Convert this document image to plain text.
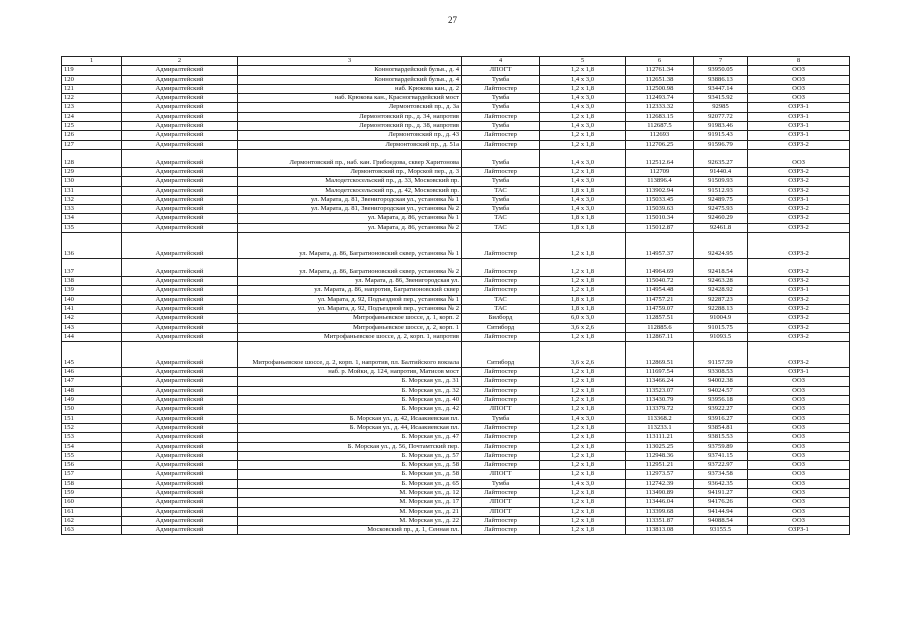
27
1	2	3	4	5	6	7	8
119	Адмиралтейский	Конногвардейский бульв., д. 4	ЛПОГТ	1,2 х 1,8	112761.34	93950.05	ООЗ
120	Адмиралтейский	Конногвардейский бульв., д. 4	Тумба	1,4 х 3,0	112651.38	93886.13	ООЗ
121	Адмиралтейский	наб. Крюкова кан., д. 2	Лайтпостер	1,2 х 1,8	112500.98	93447.14	ООЗ
122	Адмиралтейский	наб. Крюкова кан., Красногвардейский мост	Тумба	1,4 х 3,0	112493.74	93415.92	ООЗ
123	Адмиралтейский	Лермонтовский пр., д. 3а	Тумба	1,4 х 3,0	112333.32	92985	ОЗРЗ-1
124	Адмиралтейский	Лермонтовский пр., д. 34, напротив	Лайтпостер	1,2 х 1,8	112683.15	92077.72	ОЗРЗ-1
125	Адмиралтейский	Лермонтовский пр., д. 38, напротив	Тумба	1,4 х 3,0	112687.5	91983.46	ОЗРЗ-1
126	Адмиралтейский	Лермонтовский пр., д. 43	Лайтпостер	1,2 х 1,8	112693	91915.43	ОЗРЗ-1
127	Адмиралтейский	Лермонтовский пр., д. 51а	Лайтпостер	1,2 х 1,8	112706.25	91596.79	ОЗРЗ-2
128	Адмиралтейский	Лермонтовский пр., наб. кан. Грибоедова, сквер Харитонова	Тумба	1,4 х 3,0	112512.64	92635.27	ООЗ
129	Адмиралтейский	Лермонтовский пр., Морской пер., д. 3	Лайтпостер	1,2 х 1,8	112709	91440.4	ОЗРЗ-2
130	Адмиралтейский	Малодетскосельский пр., д. 33, Московский пр.	Тумба	1,4 х 3,0	113896.4	91509.93	ОЗРЗ-2
131	Адмиралтейский	Малодетскосельский пр., д. 42, Московский пр.	ТАС	1,8 х 1,8	113902.94	91512.93	ОЗРЗ-2
132	Адмиралтейский	ул. Марата, д. 81, Звенигородская ул., установка № 1	Тумба	1,4 х 3,0	115033.45	92489.75	ОЗРЗ-1
133	Адмиралтейский	ул. Марата, д. 81, Звенигородская ул., установка № 2	Тумба	1,4 х 3,0	115039.63	92475.93	ОЗРЗ-2
134	Адмиралтейский	ул. Марата, д. 86, установка № 1	ТАС	1,8 х 1,8	115010.34	92460.29	ОЗРЗ-2
135	Адмиралтейский	ул. Марата, д. 86, установка № 2	ТАС	1,8 х 1,8	115012.87	92461.8	ОЗРЗ-2
136	Адмиралтейский	ул. Марата, д. 86, Багратионовский сквер, установка № 1	Лайтпостер	1,2 х 1,8	114957.37	92424.95	ОЗРЗ-2
137	Адмиралтейский	ул. Марата, д. 86, Багратионовский сквер, установка № 2	Лайтпостер	1,2 х 1,8	114964.69	92418.54	ОЗРЗ-2
138	Адмиралтейский	ул. Марата, д. 86, Звенигородская ул.	Лайтпостер	1,2 х 1,8	115040.72	92463.28	ОЗРЗ-2
139	Адмиралтейский	ул. Марата, д. 86, напротив, Багратионовский сквер	Лайтпостер	1,2 х 1,8	114954.48	92428.92	ОЗРЗ-1
140	Адмиралтейский	ул. Марата, д. 92, Подъездной пер., установка № 1	ТАС	1,8 х 1,8	114757.21	92287.23	ОЗРЗ-2
141	Адмиралтейский	ул. Марата, д. 92, Подъездной пер., установка № 2	ТАС	1,8 х 1,8	114759.07	92288.13	ОЗРЗ-2
142	Адмиралтейский	Митрофаньевское шоссе, д. 1, корп. 2	Билборд	6,0 х 3,0	112857.51	91004.9	ОЗРЗ-2
143	Адмиралтейский	Митрофаньевское шоссе, д. 2, корп. 1	Ситиборд	3,6 х 2,6	112885.6	91015.75	ОЗРЗ-2
144	Адмиралтейский	Митрофаньевское шоссе, д. 2, корп. 1, напротив	Лайтпостер	1,2 х 1,8	112867.11	91093.5	ОЗРЗ-2
145	Адмиралтейский	Митрофаньевское шоссе, д. 2, корп. 1, напротив, пл. Балтийского вокзала	Ситиборд	3,6 х 2,6	112869.51	91157.59	ОЗРЗ-2
146	Адмиралтейский	наб. р. Мойки, д. 124, напротив, Матисов мост	Лайтпостер	1,2 х 1,8	111697.54	93308.53	ОЗРЗ-1
147	Адмиралтейский	Б. Морская ул., д. 31	Лайтпостер	1,2 х 1,8	113466.24	94002.38	ООЗ
148	Адмиралтейский	Б. Морская ул., д. 32	Лайтпостер	1,2 х 1,8	113523.07	94024.57	ООЗ
149	Адмиралтейский	Б. Морская ул., д. 40	Лайтпостер	1,2 х 1,8	113430.79	93956.18	ООЗ
150	Адмиралтейский	Б. Морская ул., д. 42	ЛПОГТ	1,2 х 1,8	113379.72	93922.27	ООЗ
151	Адмиралтейский	Б. Морская ул., д. 42, Исаакиевская пл.	Тумба	1,4 х 3,0	113368.2	93916.27	ООЗ
152	Адмиралтейский	Б. Морская ул., д. 44, Исаакиевская пл.	Лайтпостер	1,2 х 1,8	113233.1	93854.81	ООЗ
153	Адмиралтейский	Б. Морская ул., д. 47	Лайтпостер	1,2 х 1,8	113111.21	93815.53	ООЗ
154	Адмиралтейский	Б. Морская ул., д. 56, Почтамтский пер.	Лайтпостер	1,2 х 1,8	113025.25	93759.89	ООЗ
155	Адмиралтейский	Б. Морская ул., д. 57	Лайтпостер	1,2 х 1,8	112948.36	93741.15	ООЗ
156	Адмиралтейский	Б. Морская ул., д. 58	Лайтпостер	1,2 х 1,8	112951.21	93722.97	ООЗ
157	Адмиралтейский	Б. Морская ул., д. 58	ЛПОГТ	1,2 х 1,8	112973.57	93734.58	ООЗ
158	Адмиралтейский	Б. Морская ул., д. 65	Тумба	1,4 х 3,0	112742.39	93642.35	ООЗ
159	Адмиралтейский	М. Морская ул., д. 12	Лайтпостер	1,2 х 1,8	113490.89	94191.27	ООЗ
160	Адмиралтейский	М. Морская ул., д. 17	ЛПОГТ	1,2 х 1,8	113446.04	94176.26	ООЗ
161	Адмиралтейский	М. Морская ул., д. 21	ЛПОГТ	1,2 х 1,8	113399.68	94144.94	ООЗ
162	Адмиралтейский	М. Морская ул., д. 22	Лайтпостер	1,2 х 1,8	113351.87	94088.54	ООЗ
163	Адмиралтейский	Московский пр., д. 1, Сенная пл.	Лайтпостер	1,2 х 1,8	113813.08	93155.5	ОЗРЗ-1
